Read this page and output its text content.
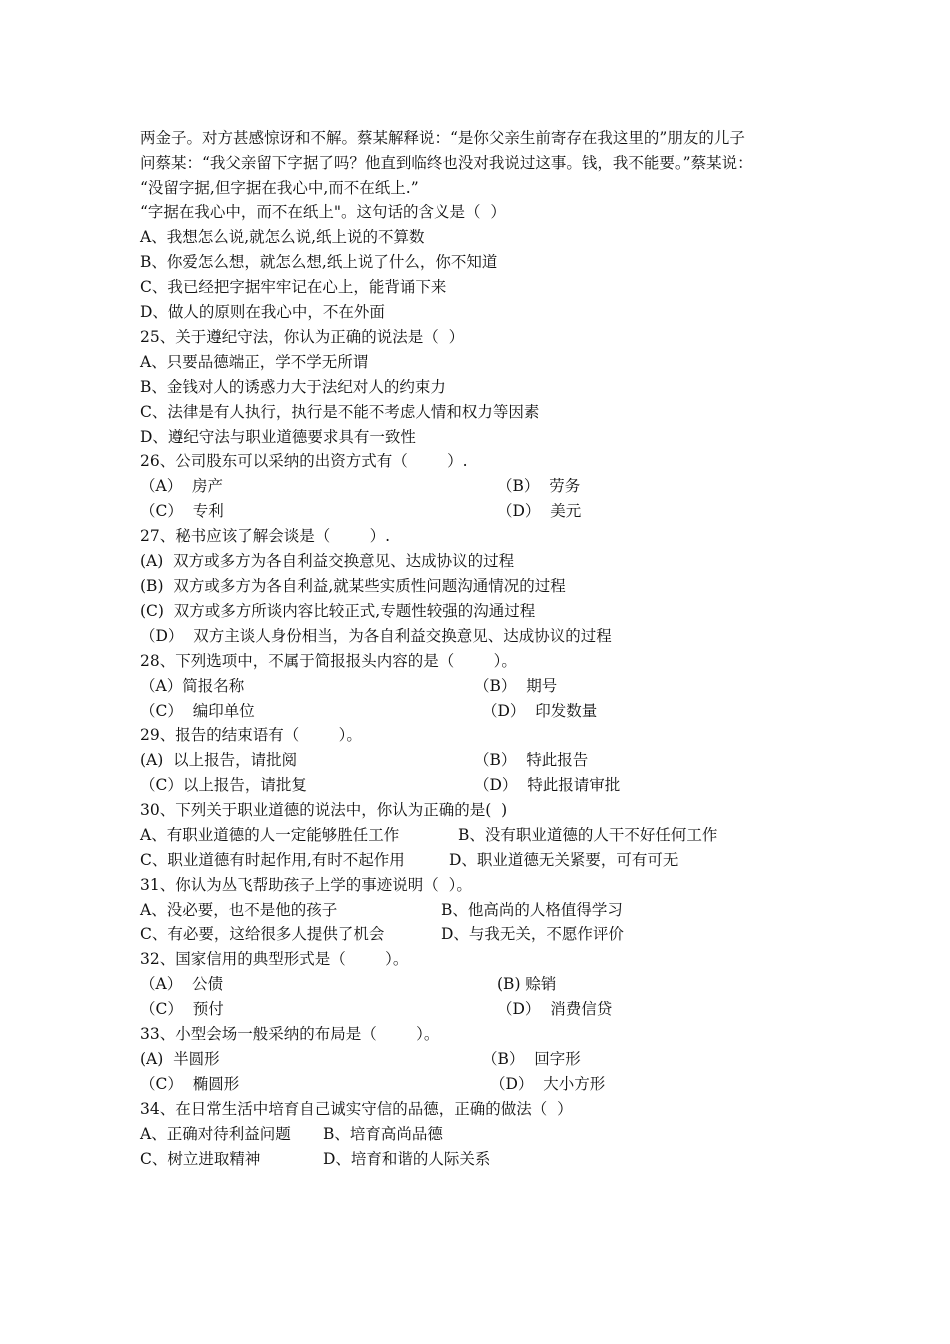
两金子。对方甚感惊讶和不解。蔡某解释说：“是你父亲生前寄存在我这里的”朋友的儿子
问蔡某：“我父亲留下字据了吗？他直到临终也没对我说过这事。钱，我不能要。”蔡某说：
“没留字据,但字据在我心中,而不在纸上.”
“字据在我心中，而不在纸上"。这句话的含义是（  ）
A、我想怎么说,就怎么说,纸上说的不算数
B、你爱怎么想，就怎么想,纸上说了什么，你不知道
C、我已经把字据牢牢记在心上，能背诵下来
D、做人的原则在我心中，不在外面
25、关于遵纪守法，你认为正确的说法是（  ）
A、只要品德端正，学不学无所谓
B、金钱对人的诱惑力大于法纪对人的约束力
C、法律是有人执行，执行是不能不考虑人情和权力等因素
D、遵纪守法与职业道德要求具有一致性
26、公司股东可以采纳的出资方式有（        ）.
（A）  房产	（B）  劳务
（C）  专利	（D）  美元
27、秘书应该了解会谈是（        ）.
(A)  双方或多方为各自利益交换意见、达成协议的过程
(B)  双方或多方为各自利益,就某些实质性问题沟通情况的过程
(C)  双方或多方所谈内容比较正式,专题性较强的沟通过程
（D）  双方主谈人身份相当，为各自利益交换意见、达成协议的过程
28、下列选项中，不属于简报报头内容的是（        ）。
（A）简报名称	（B）  期号
（C）  编印单位	（D）  印发数量
29、报告的结束语有（        ）。
(A)  以上报告，请批阅	（B）  特此报告
（C）以上报告，请批复	（D）  特此报请审批
30、下列关于职业道德的说法中，你认为正确的是(  )
A、有职业道德的人一定能够胜任工作	B、没有职业道德的人干不好任何工作
C、职业道德有时起作用,有时不起作用	D、职业道德无关紧要，可有可无
31、你认为丛飞帮助孩子上学的事迹说明（  ）。
A、没必要，也不是他的孩子	B、他高尚的人格值得学习
C、有必要，这给很多人提供了机会	D、与我无关，不愿作评价
32、国家信用的典型形式是（        ）。
（A）  公债	(B) 赊销
（C）  预付	（D）  消费信贷
33、小型会场一般采纳的布局是（        ）。
(A)  半圆形	（B）  回字形
（C）  椭圆形	（D）  大小方形
34、在日常生活中培育自己诚实守信的品德，正确的做法（  ）
A、正确对待利益问题 B、培育高尚品德
C、树立进取精神	D、培育和谐的人际关系
